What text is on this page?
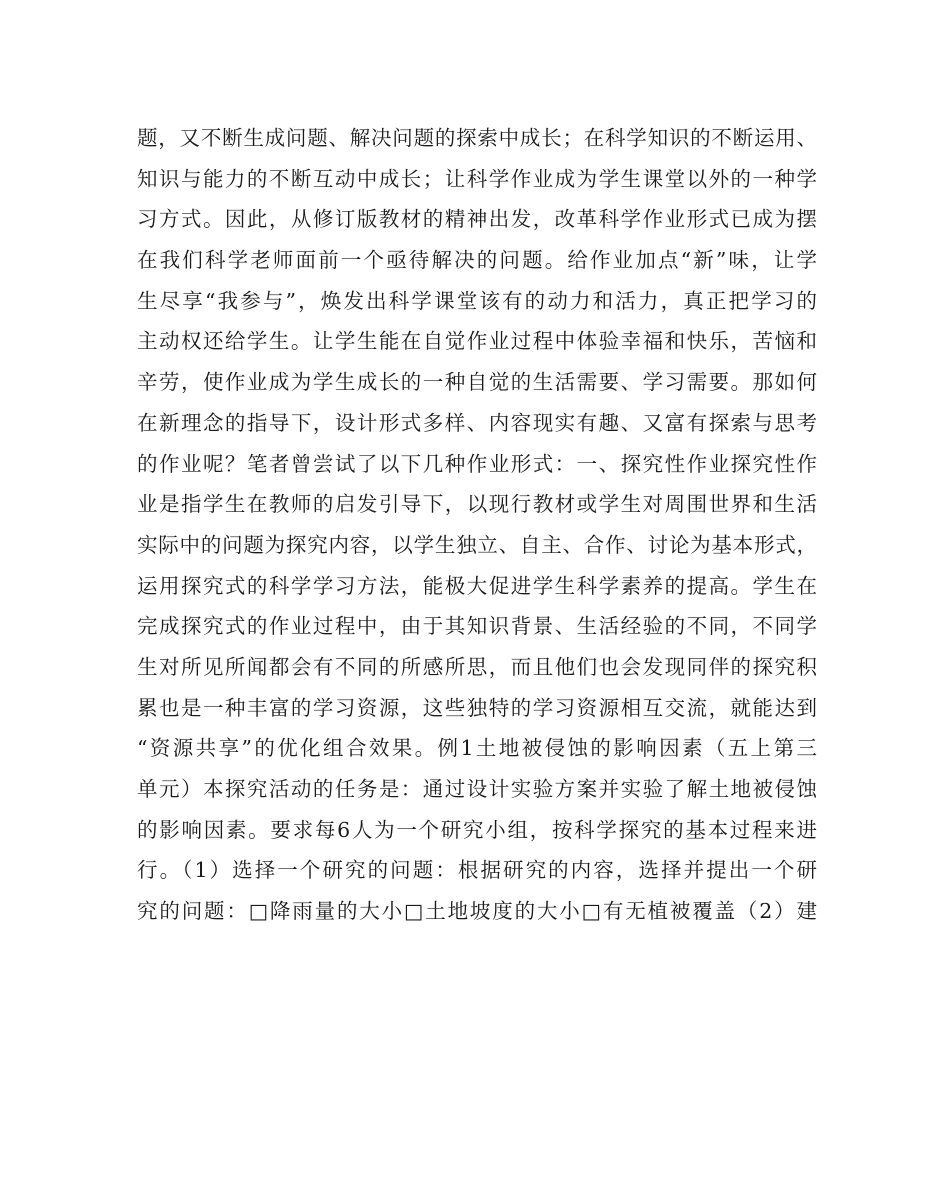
题，又不断生成问题、解决问题的探索中成长；在科学知识的不断运用、
知识与能力的不断互动中成长；让科学作业成为学生课堂以外的一种学
习方式。因此，从修订版教材的精神出发，改革科学作业形式已成为摆
在我们科学老师面前一个亟待解决的问题。给作业加点“新”味，让学
生尽享“我参与”，焕发出科学课堂该有的动力和活力，真正把学习的
主动权还给学生。让学生能在自觉作业过程中体验幸福和快乐，苦恼和
辛劳，使作业成为学生成长的一种自觉的生活需要、学习需要。那如何
在新理念的指导下，设计形式多样、内容现实有趣、又富有探索与思考
的作业呢？笔者曾尝试了以下几种作业形式：一、探究性作业探究性作
业是指学生在教师的启发引导下，以现行教材或学生对周围世界和生活
实际中的问题为探究内容，以学生独立、自主、合作、讨论为基本形式，
运用探究式的科学学习方法，能极大促进学生科学素养的提高。学生在
完成探究式的作业过程中，由于其知识背景、生活经验的不同，不同学
生对所见所闻都会有不同的所感所思，而且他们也会发现同伴的探究积
累也是一种丰富的学习资源，这些独特的学习资源相互交流，就能达到
“资源共享”的优化组合效果。例1土地被侵蚀的影响因素（五上第三
单元）本探究活动的任务是：通过设计实验方案并实验了解土地被侵蚀
的影响因素。要求每6人为一个研究小组，按科学探究的基本过程来进
行。（1）选择一个研究的问题：根据研究的内容，选择并提出一个研
究的问题：□降雨量的大小□土地坡度的大小□有无植被覆盖（2）建
